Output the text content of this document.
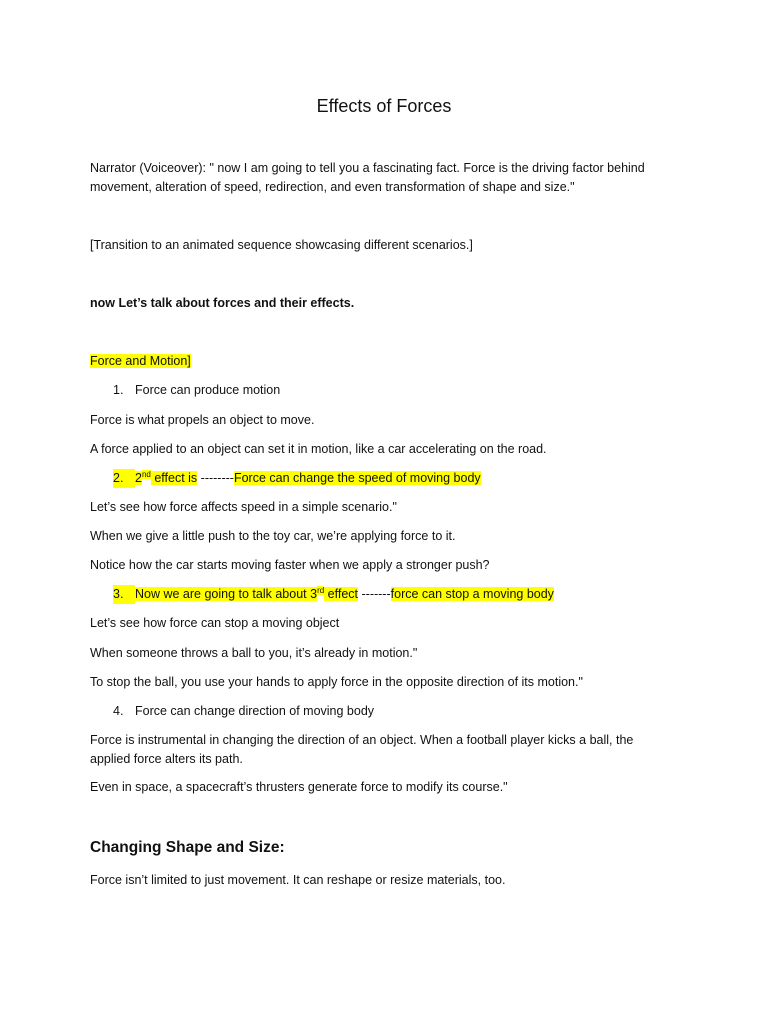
Effects of Forces

Narrator (Voiceover): " now I am going to tell you a fascinating fact. Force is the driving factor behind
movement, alteration of speed, redirection, and even transformation of shape and size."

[Transition to an animated sequence showcasing different scenarios.]

now Let’s talk about forces and their effects.

Force and Motion]

1. Force can produce motion

Force is what propels an object to move.

A force applied to an object can set it in motion, like a car accelerating on the road.

2. 2nd effect is --------Force can change the speed of moving body

Let’s see how force affects speed in a simple scenario."

When we give a little push to the toy car, we’re applying force to it.

Notice how the car starts moving faster when we apply a stronger push?

3. Now we are going to talk about 3rd effect -------force can stop a moving body

Let’s see how force can stop a moving object

When someone throws a ball to you, it’s already in motion."

To stop the ball, you use your hands to apply force in the opposite direction of its motion."

4. Force can change direction of moving body

Force is instrumental in changing the direction of an object. When a football player kicks a ball, the
applied force alters its path.

Even in space, a spacecraft’s thrusters generate force to modify its course."

Changing Shape and Size:

Force isn’t limited to just movement. It can reshape or resize materials, too.
